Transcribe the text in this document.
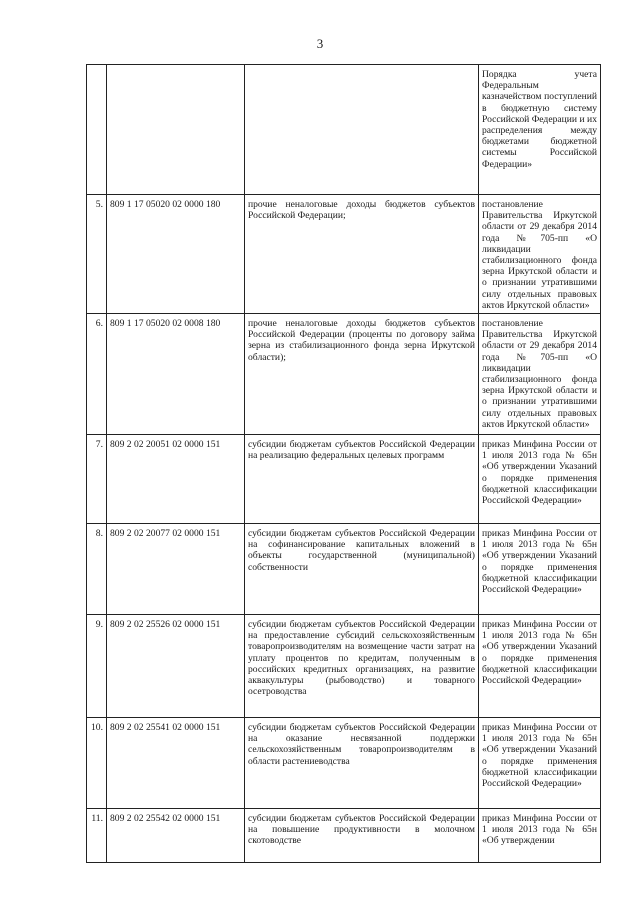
3
			Порядка учета Федеральным казначейством поступлений в бюджетную систему Российской Федерации и их распределения между бюджетами бюджетной системы Российской Федерации»
5.	809 1 17 05020 02 0000 180	прочие неналоговые доходы бюджетов субъектов Российской Федерации;	постановление Правительства Иркутской области от 29 декабря 2014 года №705-пп «О ликвидации стабилизационного фонда зерна Иркутской области и о признании утратившими силу отдельных правовых актов Иркутской области»
6.	809 1 17 05020 02 0008 180	прочие неналоговые доходы бюджетов субъектов Российской Федерации (проценты по договору займа зерна из стабилизационного фонда зерна Иркутской области);	постановление Правительства Иркутской области от 29 декабря 2014 года №705-пп «О ликвидации стабилизационного фонда зерна Иркутской области и о признании утратившими силу отдельных правовых актов Иркутской области»
7.	809 2 02 20051 02 0000 151	субсидии бюджетам субъектов Российской Федерации на реализацию федеральных целевых программ	приказ Минфина России от 1 июля 2013 года № 65н «Об утверждении Указаний о порядке применения бюджетной классификации Российской Федерации»
8.	809 2 02 20077 02 0000 151	субсидии бюджетам субъектов Российской Федерации на софинансирование капитальных вложений в объекты государственной (муниципальной) собственности	приказ Минфина России от 1 июля 2013 года № 65н «Об утверждении Указаний о порядке применения бюджетной классификации Российской Федерации»
9.	809 2 02 25526 02 0000 151	субсидии бюджетам субъектов Российской Федерации на предоставление субсидий сельскохозяйственным товаропроизводителям на возмещение части затрат на уплату процентов по кредитам, полученным в российских кредитных организациях, на развитие аквакультуры (рыбоводство) и товарного осетроводства	приказ Минфина России от 1 июля 2013 года № 65н «Об утверждении Указаний о порядке применения бюджетной классификации Российской Федерации»
10.	809 2 02 25541 02 0000 151	субсидии бюджетам субъектов Российской Федерации на оказание несвязанной поддержки сельскохозяйственным товаропроизводителям в области растениеводства	приказ Минфина России от 1 июля 2013 года № 65н «Об утверждении Указаний о порядке применения бюджетной классификации Российской Федерации»
11.	809 2 02 25542 02 0000 151	субсидии бюджетам субъектов Российской Федерации на повышение продуктивности в молочном скотоводстве	приказ Минфина России от 1 июля 2013 года № 65н «Об утверждении
